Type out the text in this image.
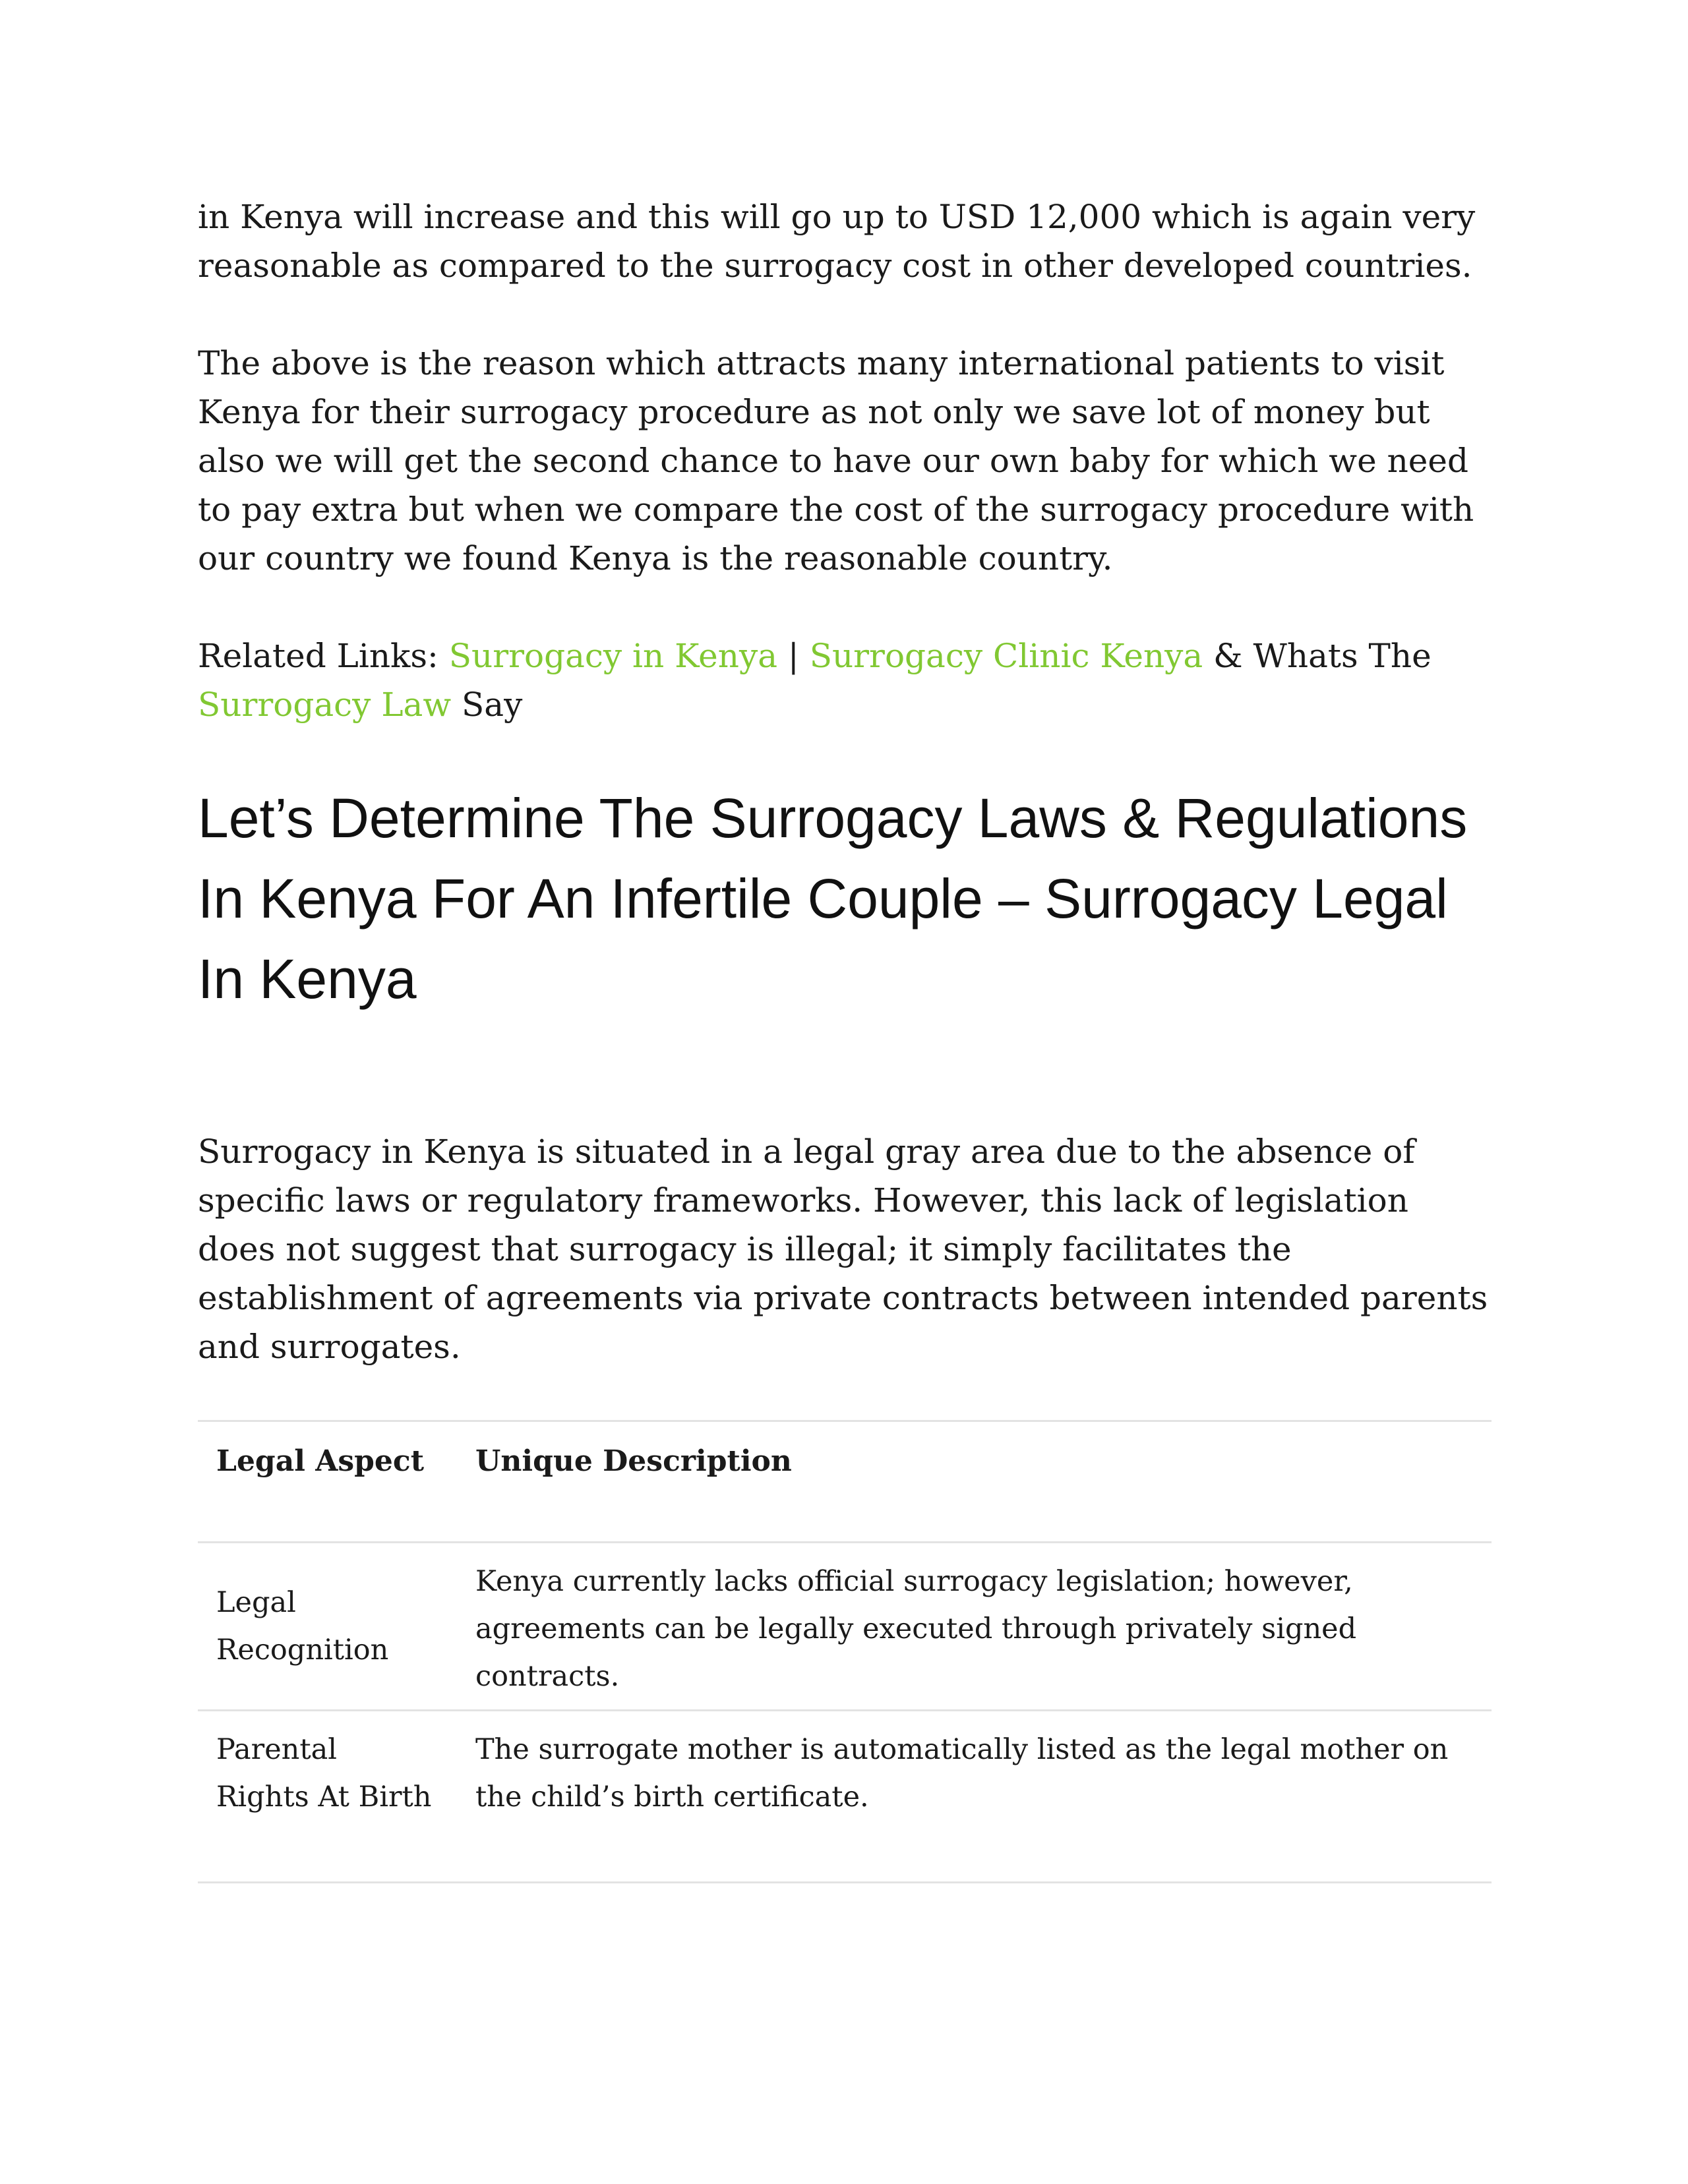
in Kenya will increase and this will go up to USD 12,000 which is again very reasonable as compared to the surrogacy cost in other developed countries.

The above is the reason which attracts many international patients to visit Kenya for their surrogacy procedure as not only we save lot of money but also we will get the second chance to have our own baby for which we need to pay extra but when we compare the cost of the surrogacy procedure with our country we found Kenya is the reasonable country.

Related Links: Surrogacy in Kenya | Surrogacy Clinic Kenya & Whats The Surrogacy Law Say

Let’s Determine The Surrogacy Laws & Regulations In Kenya For An Infertile Couple – Surrogacy Legal In Kenya

Surrogacy in Kenya is situated in a legal gray area due to the absence of specific laws or regulatory frameworks. However, this lack of legislation does not suggest that surrogacy is illegal; it simply facilitates the establishment of agreements via private contracts between intended parents and surrogates.

Legal Aspect	Unique Description
Legal Recognition	Kenya currently lacks official surrogacy legislation; however, agreements can be legally executed through privately signed contracts.
Parental Rights At Birth	The surrogate mother is automatically listed as the legal mother on the child’s birth certificate.
